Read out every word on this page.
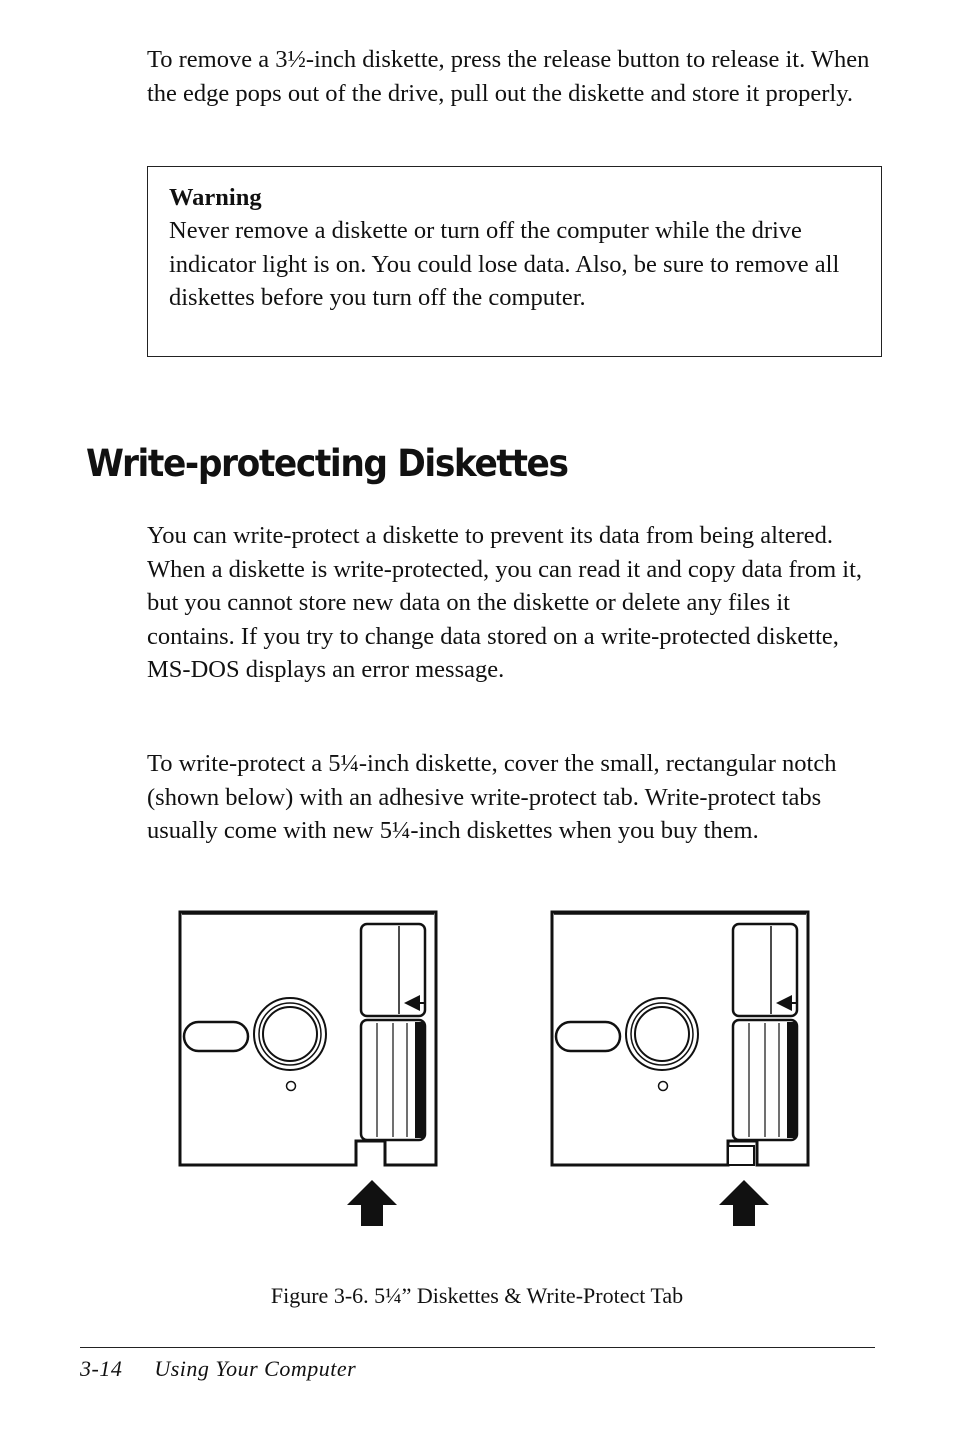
To remove a 3½-inch diskette, press the release button to release it. When the edge pops out of the drive, pull out the diskette and store it properly.

Warning

Never remove a diskette or turn off the computer while the drive indicator light is on. You could lose data. Also, be sure to remove all diskettes before you turn off the computer.

Write-protecting Diskettes

You can write-protect a diskette to prevent its data from being altered. When a diskette is write-protected, you can read it and copy data from it, but you cannot store new data on the diskette or delete any files it contains. If you try to change data stored on a write-protected diskette, MS-DOS displays an error message.

To write-protect a 5¼-inch diskette, cover the small, rectangular notch (shown below) with an adhesive write-protect tab. Write-protect tabs usually come with new 5¼-inch diskettes when you buy them.

Figure 3-6. 5¼” Diskettes & Write-Protect Tab

3-14 Using Your Computer
